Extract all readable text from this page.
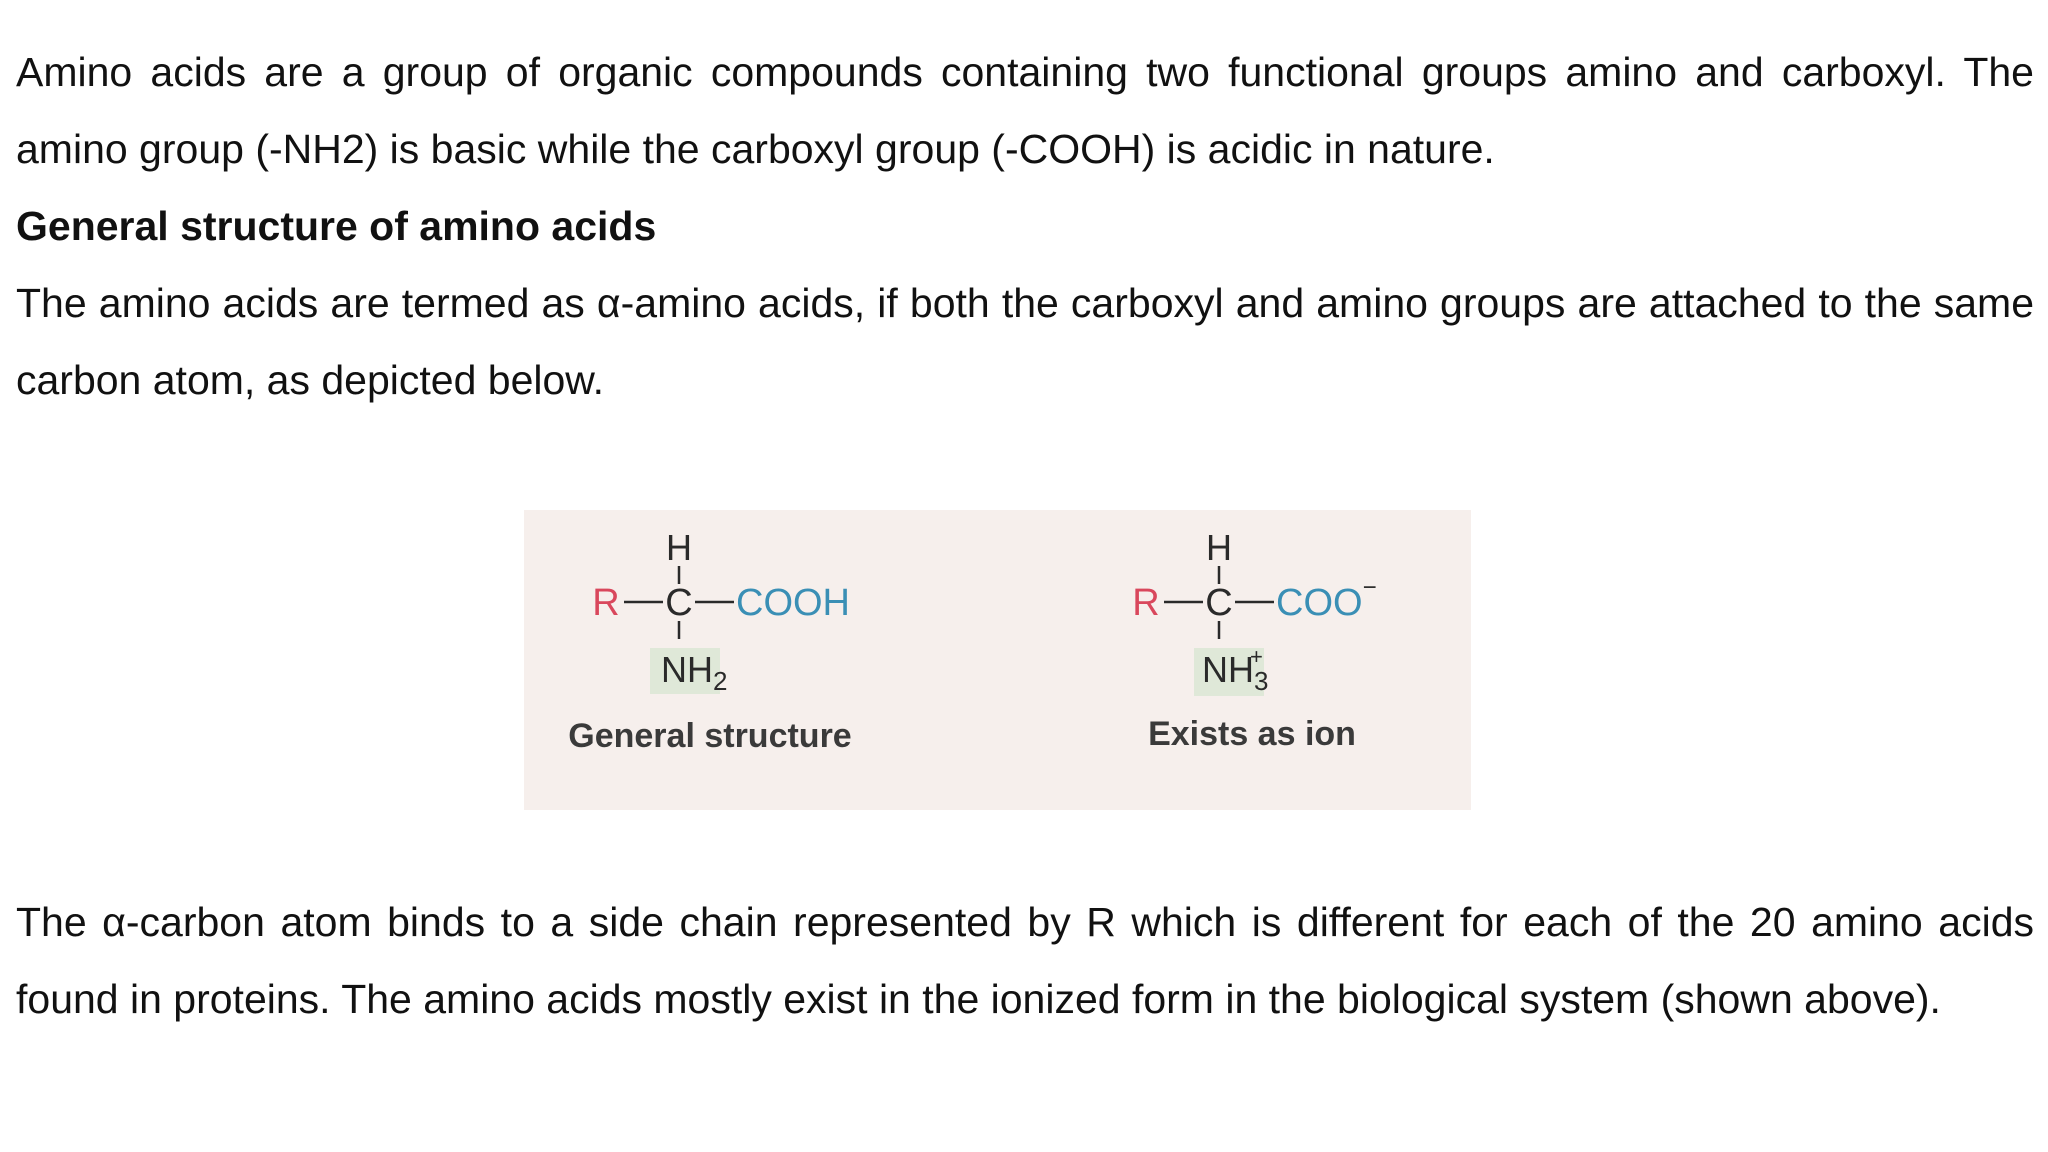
Amino acids are a group of organic compounds containing two functional groups amino and carboxyl. The amino group (-NH2) is basic while the carboxyl group (-COOH) is acidic in nature.

General structure of amino acids

The amino acids are termed as α-amino acids, if both the carboxyl and amino groups are attached to the same carbon atom, as depicted below.

H
R C COOH
$NH_2$
General structure
H
R C COO−
$NH_3$
+
Exists as ion

The α-carbon atom binds to a side chain represented by R which is different for each of the 20 amino acids found in proteins. The amino acids mostly exist in the ionized form in the biological system (shown above).
